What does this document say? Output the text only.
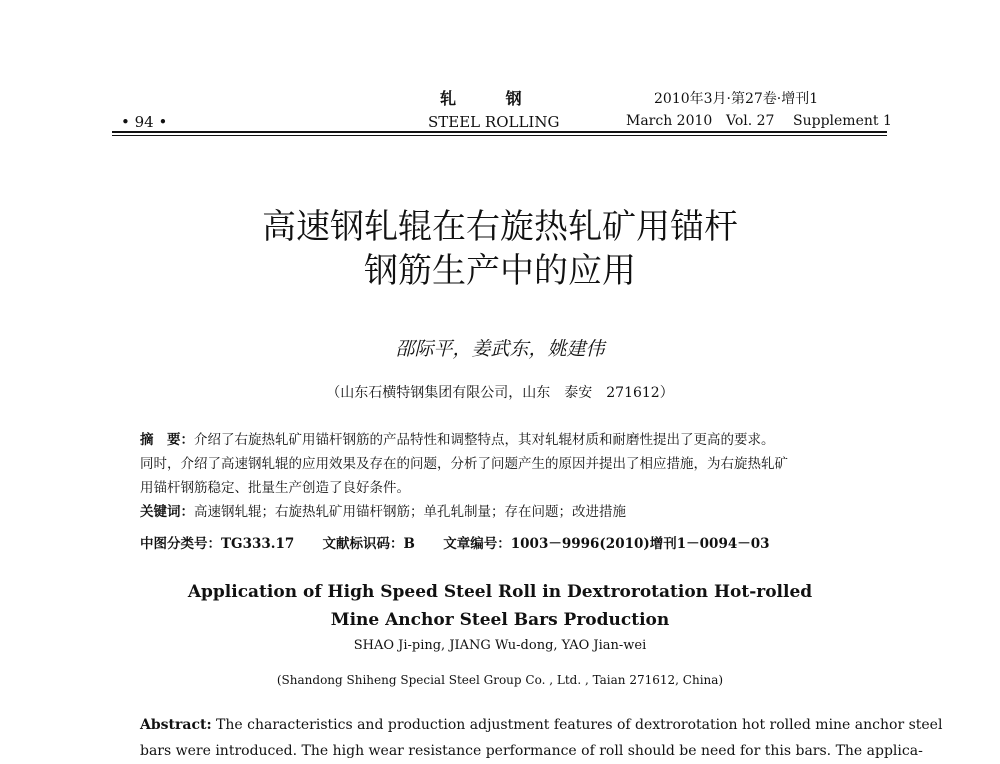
轧 钢	2010年3月·第27卷·增刊1
• 94 •	STEEL ROLLING	March 2010 Vol. 27 Supplement 1
高速钢轧辊在右旋热轧矿用锚杆
钢筋生产中的应用
邵际平，姜武东，姚建伟
（山东石横特钢集团有限公司，山东　泰安　271612）
摘　要：介绍了右旋热轧矿用锚杆钢筋的产品特性和调整特点，其对轧辊材质和耐磨性提出了更高的要求。
同时，介绍了高速钢轧辊的应用效果及存在的问题，分析了问题产生的原因并提出了相应措施，为右旋热轧矿
用锚杆钢筋稳定、批量生产创造了良好条件。
关键词：高速钢轧辊；右旋热轧矿用锚杆钢筋；单孔轧制量；存在问题；改进措施
中图分类号：TG333.17 文献标识码：B 文章编号：1003－9996(2010)增刊1－0094－03
Application of High Speed Steel Roll in Dextrorotation Hot-rolled
Mine Anchor Steel Bars Production
SHAO Ji-ping, JIANG Wu-dong, YAO Jian-wei
(Shandong Shiheng Special Steel Group Co. , Ltd. , Taian 271612, China)
Abstract: The characteristics and production adjustment features of dextrorotation hot rolled mine anchor steel
bars were introduced. The high wear resistance performance of roll should be need for this bars. The applica-
